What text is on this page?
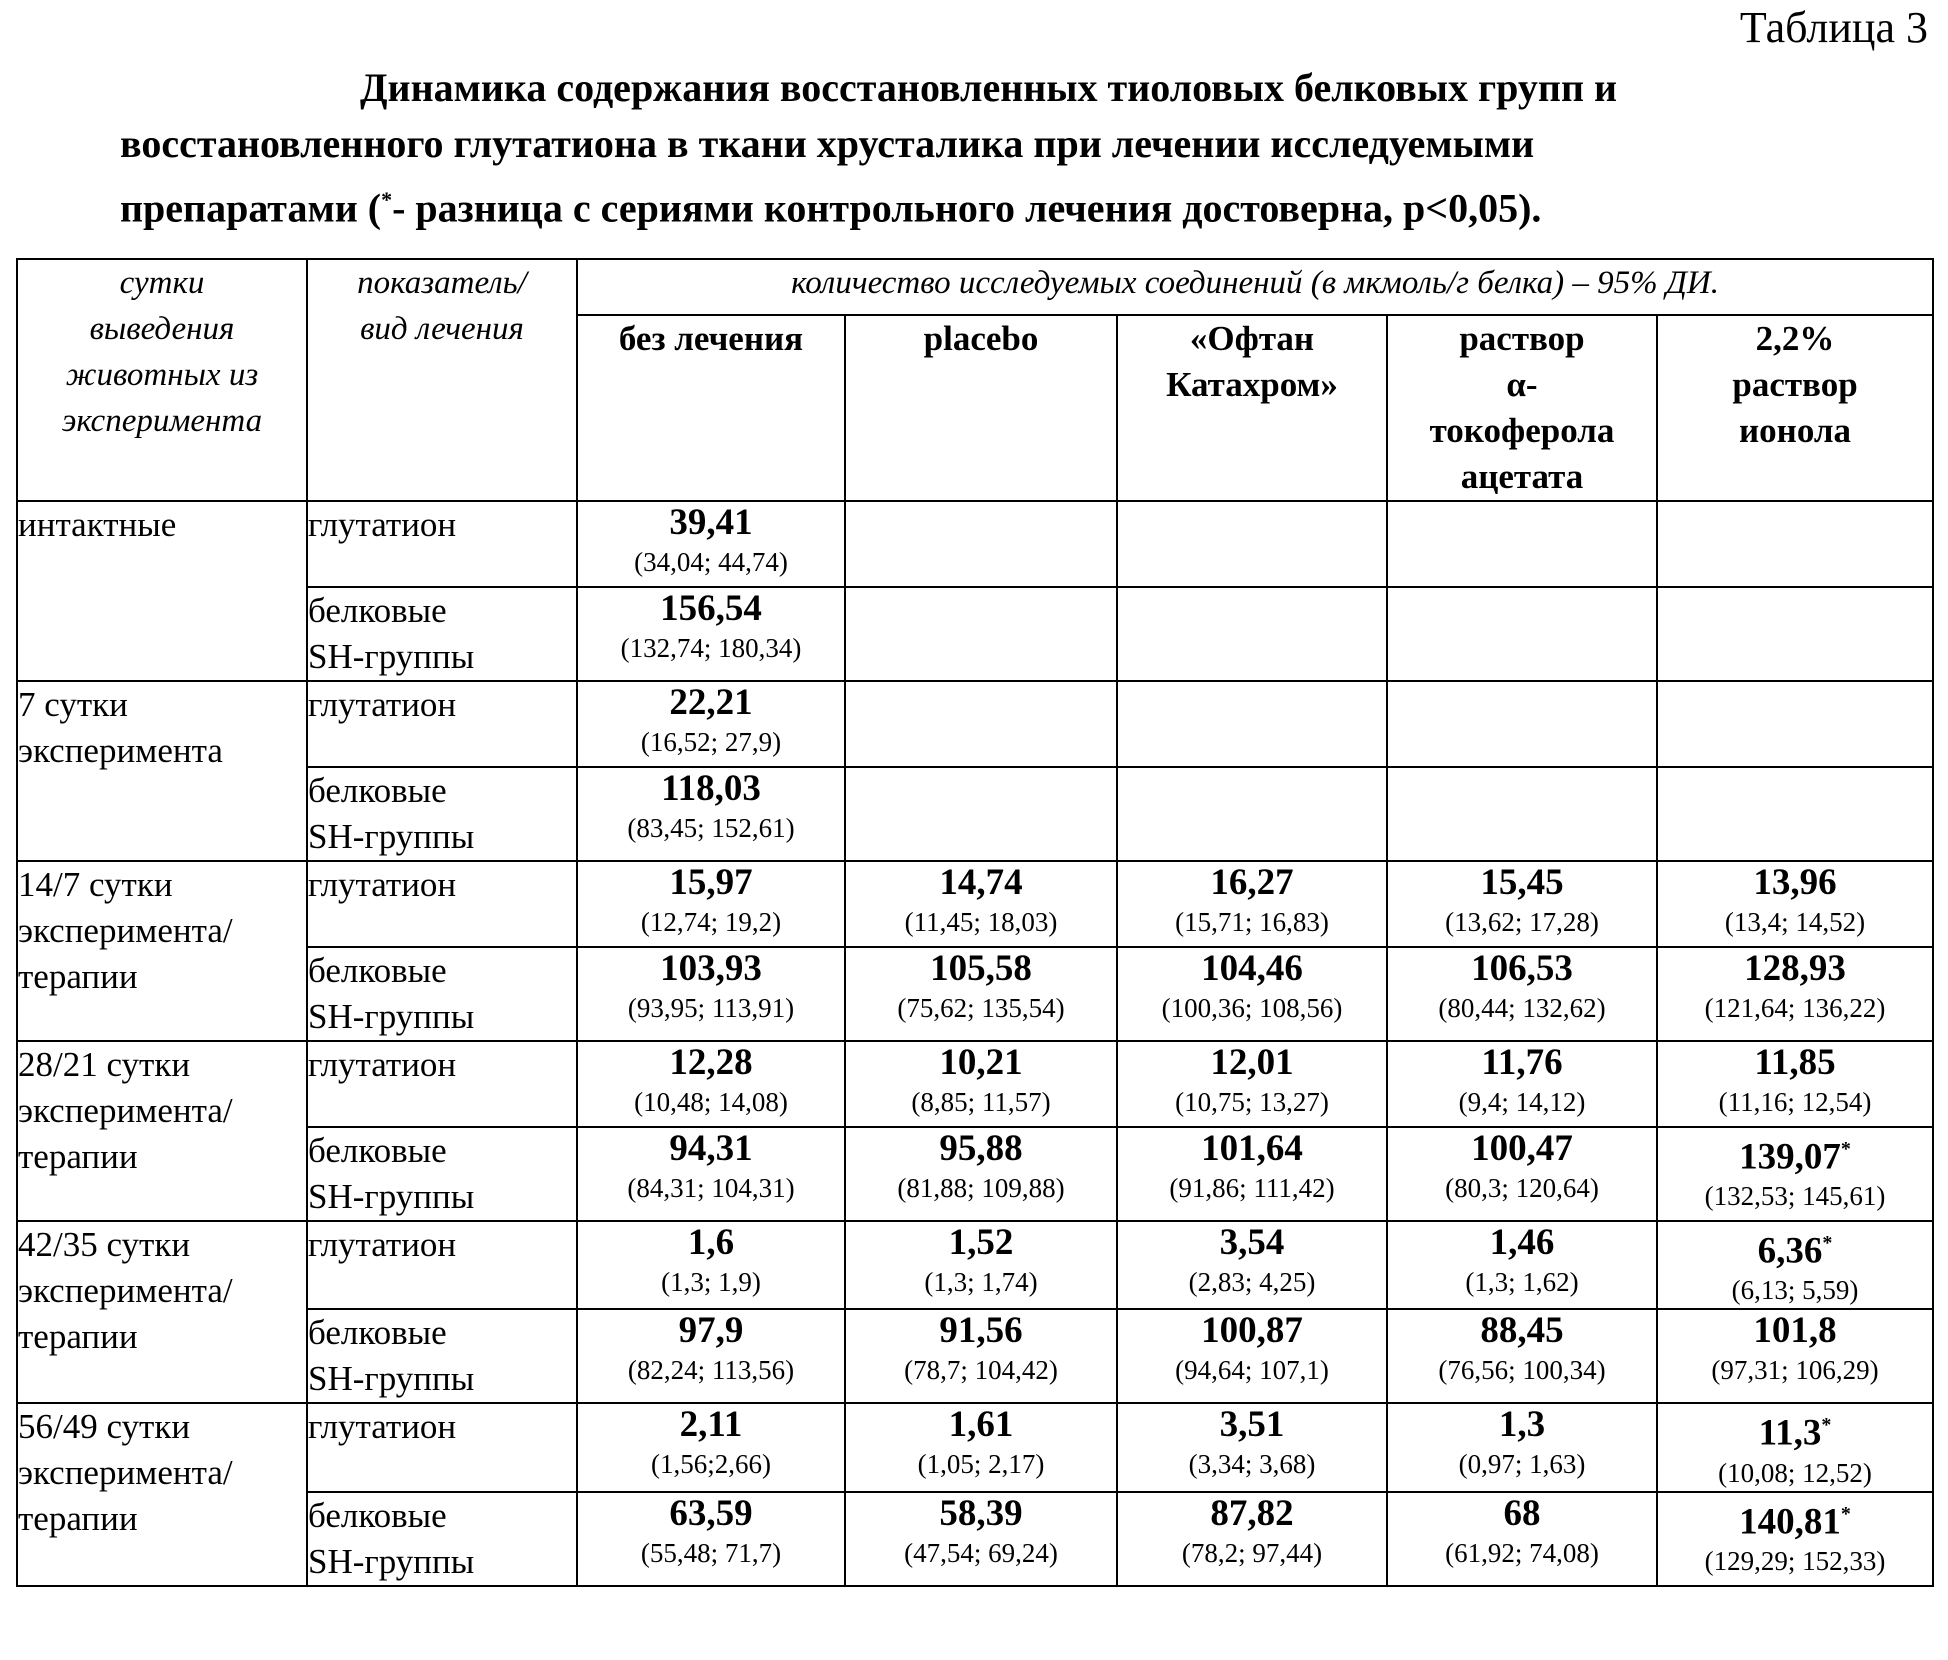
Таблица 3
Динамика содержания восстановленных тиоловых белковых групп и
восстановленного глутатиона в ткани хрусталика при лечении исследуемыми
препаратами (*- разница с сериями контрольного лечения достоверна, p<0,05).
сутки
выведения
животных из
эксперимента

показатель/
вид лечения
	количество исследуемых соединений (в мкмоль/г белка) – 95% ДИ.

без лечения	placebo	«Офтан
Катахром»

раствор
α-
токоферола
ацетата

2,2%
раствор
ионола

интактные	глутатион	39,41
(34,04; 44,74)

белковые
SH-группы

156,54
(132,74; 180,34)

7 сутки
эксперимента

глутатион	22,21
(16,52; 27,9)

белковые
SH-группы

118,03
(83,45; 152,61)

14/7 сутки
эксперимента/
терапии

глутатион	15,97
(12,74; 19,2)

14,74
(11,45; 18,03)

16,27
(15,71; 16,83)

15,45
(13,62; 17,28)

13,96
(13,4; 14,52)

белковые
SH-группы

103,93
(93,95; 113,91)

105,58
(75,62; 135,54)

104,46
(100,36; 108,56)

106,53
(80,44; 132,62)

128,93
(121,64; 136,22)

28/21 сутки
эксперимента/
терапии

глутатион	12,28
(10,48; 14,08)

10,21
(8,85; 11,57)

12,01
(10,75; 13,27)

11,76
(9,4; 14,12)

11,85
(11,16; 12,54)

белковые
SH-группы

94,31
(84,31; 104,31)

95,88
(81,88; 109,88)

101,64
(91,86; 111,42)

100,47
(80,3; 120,64)

139,07*
(132,53; 145,61)

42/35 сутки
эксперимента/
терапии

глутатион	1,6
(1,3; 1,9)

1,52
(1,3; 1,74)

3,54
(2,83; 4,25)

1,46
(1,3; 1,62)

6,36*
(6,13; 5,59)

белковые
SH-группы

97,9
(82,24; 113,56)

91,56
(78,7; 104,42)

100,87
(94,64; 107,1)

88,45
(76,56; 100,34)

101,8
(97,31; 106,29)

56/49 сутки
эксперимента/
терапии

глутатион	2,11
(1,56;2,66)

1,61
(1,05; 2,17)

3,51
(3,34; 3,68)

1,3
(0,97; 1,63)

11,3*
(10,08; 12,52)

белковые
SH-группы

63,59
(55,48; 71,7)

58,39
(47,54; 69,24)

87,82
(78,2; 97,44)

68
(61,92; 74,08)

140,81*
(129,29; 152,33)
